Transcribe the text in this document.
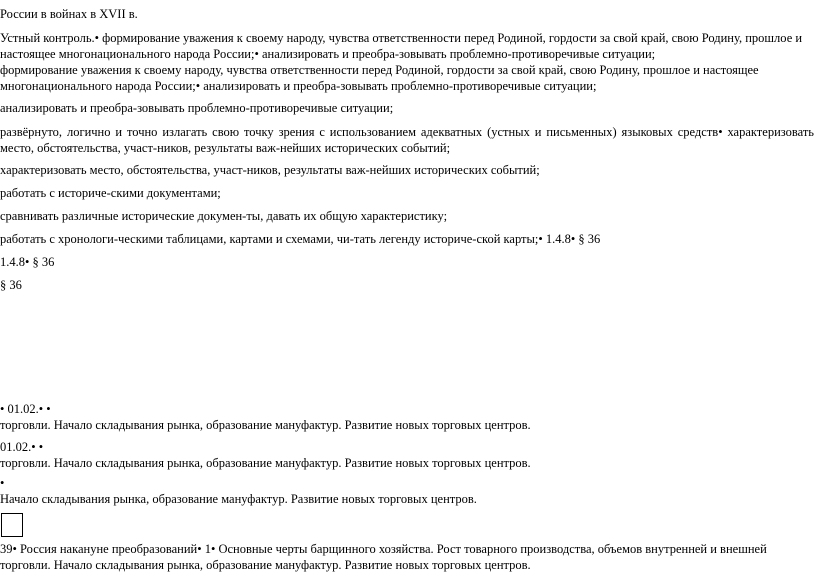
России в войнах в XVII в.

Устный контроль.• формирование уважения к своему народу, чувства ответственности перед Родиной, гордости за свой край, свою Родину, прошлое и настоящее многонационального народа России;• анализировать и преобра-зовывать проблемно-противоречивые ситуации;

формирование уважения к своему народу, чувства ответственности перед Родиной, гордости за свой край, свою Родину, прошлое и настоящее многонационального народа России;• анализировать и преобра-зовывать проблемно-противоречивые ситуации;

анализировать и преобра-зовывать проблемно-противоречивые ситуации;

развёрнуто, логично и точно излагать свою точку зрения с использованием адекватных (устных и письменных) языковых средств• характеризовать место, обстоятельства, участ-ников, результаты важ-нейших исторических событий;

характеризовать место, обстоятельства, участ-ников, результаты важ-нейших исторических событий;

работать с историче-скими документами;

сравнивать различные исторические докумен-ты, давать их общую характеристику;

работать с хронологи-ческими таблицами, картами и схемами, чи-тать легенду историче-ской карты;• 1.4.8• § 36

1.4.8• § 36

§ 36

• 01.02.• •

торговли. Начало складывания рынка, образование мануфактур. Развитие новых торговых центров.

01.02.• •

торговли. Начало складывания рынка, образование мануфактур. Развитие новых торговых центров.

•

Начало складывания рынка, образование мануфактур. Развитие новых торговых центров.

39• Россия накануне преобразований• 1• Основные черты барщинного хозяйства. Рост товарного производства, объемов внутренней и внешней торговли. Начало складывания рынка, образование мануфактур. Развитие новых торговых центров.
